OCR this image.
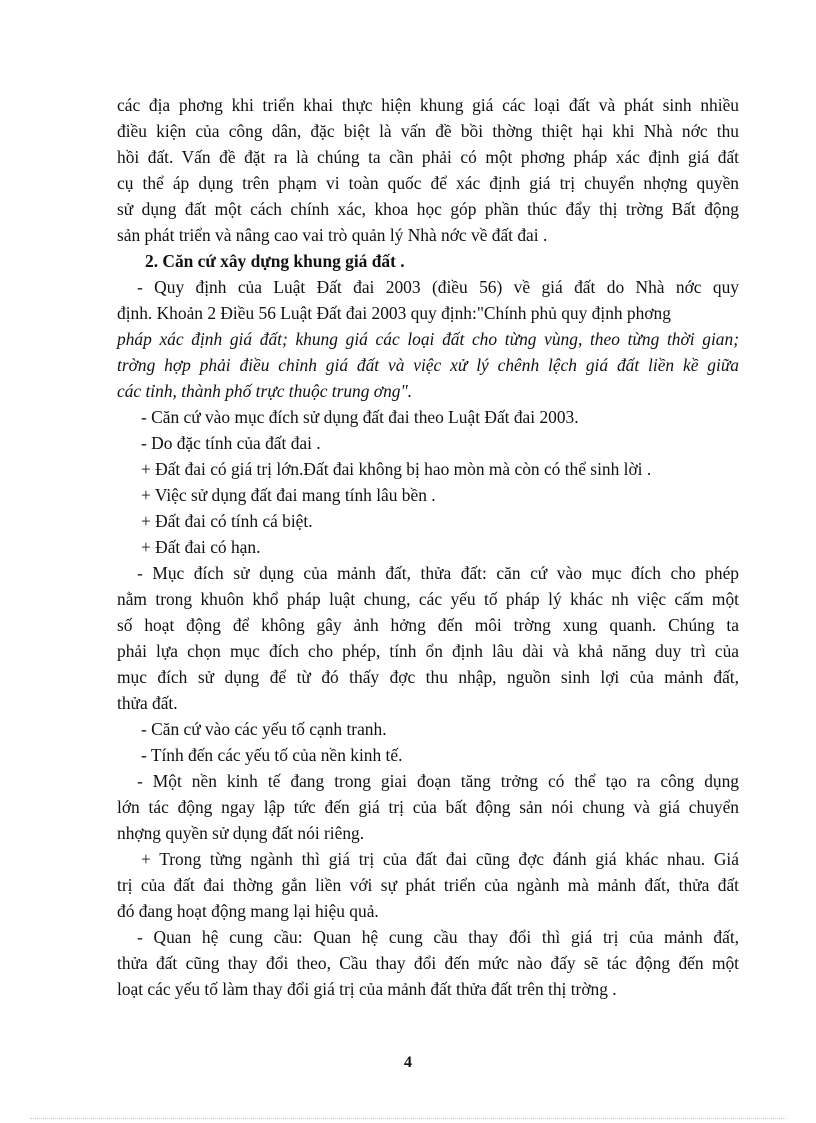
các địa phơng khi triển khai thực hiện khung giá các loại đất và phát sinh nhiều
điều kiện của công dân, đặc biệt là vấn đề bồi thờng thiệt hại khi Nhà nớc thu
hồi đất. Vấn đề đặt ra là chúng ta cần phải có một phơng pháp xác định giá đất
cụ thể áp dụng trên phạm vi toàn quốc để xác định giá trị chuyển nhợng quyền
sử dụng đất một cách chính xác, khoa học góp phần thúc đẩy thị trờng Bất động
sản phát triển và nâng cao vai trò quản lý Nhà nớc về đất đai .
2. Căn cứ xây dựng khung giá đất .
- Quy định của Luật Đất đai 2003 (điều 56) về giá đất do Nhà nớc quy
định. Khoản 2 Điều 56 Luật Đất đai 2003 quy định:"Chính phủ quy định phơng
pháp xác định giá đất; khung giá các loại đất cho từng vùng, theo từng thời gian;
trờng hợp phải điều chỉnh giá đất và việc xử lý chênh lệch giá đất liền kề giữa
các tỉnh, thành phố trực thuộc trung ơng".
- Căn cứ vào mục đích sử dụng đất đai theo Luật Đất đai 2003.
- Do đặc tính của đất đai .
+ Đất đai có giá trị lớn.Đất đai không bị hao mòn mà còn có thể sinh lời .
+ Việc sử dụng đất đai mang tính lâu bền .
+ Đất đai có tính cá biệt.
+ Đất đai có hạn.
- Mục đích sử dụng của mảnh đất, thửa đất: căn cứ vào mục đích cho phép
nằm trong khuôn khổ pháp luật chung, các yếu tố pháp lý khác nh việc cấm một
số hoạt động để không gây ảnh hởng đến môi trờng xung quanh. Chúng ta
phải lựa chọn mục đích cho phép, tính ổn định lâu dài và khả năng duy trì của
mục đích sử dụng để từ đó thấy đợc thu nhập, nguồn sinh lợi của mảnh đất,
thửa đất.
- Căn cứ vào các yếu tố cạnh tranh.
- Tính đến các yếu tố của nền kinh tế.
- Một nền kinh tế đang trong giai đoạn tăng trởng có thể tạo ra công dụng
lớn tác động ngay lập tức đến giá trị của bất động sản nói chung và giá chuyển
nhợng quyền sử dụng đất nói riêng.
+ Trong từng ngành thì giá trị của đất đai cũng đợc đánh giá khác nhau. Giá
trị của đất đai thờng gắn liền với sự phát triển của ngành mà mảnh đất, thửa đất
đó đang hoạt động mang lại hiệu quả.
- Quan hệ cung cầu: Quan hệ cung cầu thay đổi thì giá trị của mảnh đất,
thửa đất cũng thay đổi theo, Cầu thay đổi đến mức nào đấy sẽ tác động đến một
loạt các yếu tố làm thay đổi giá trị của mảnh đất thửa đất trên thị trờng .
4
